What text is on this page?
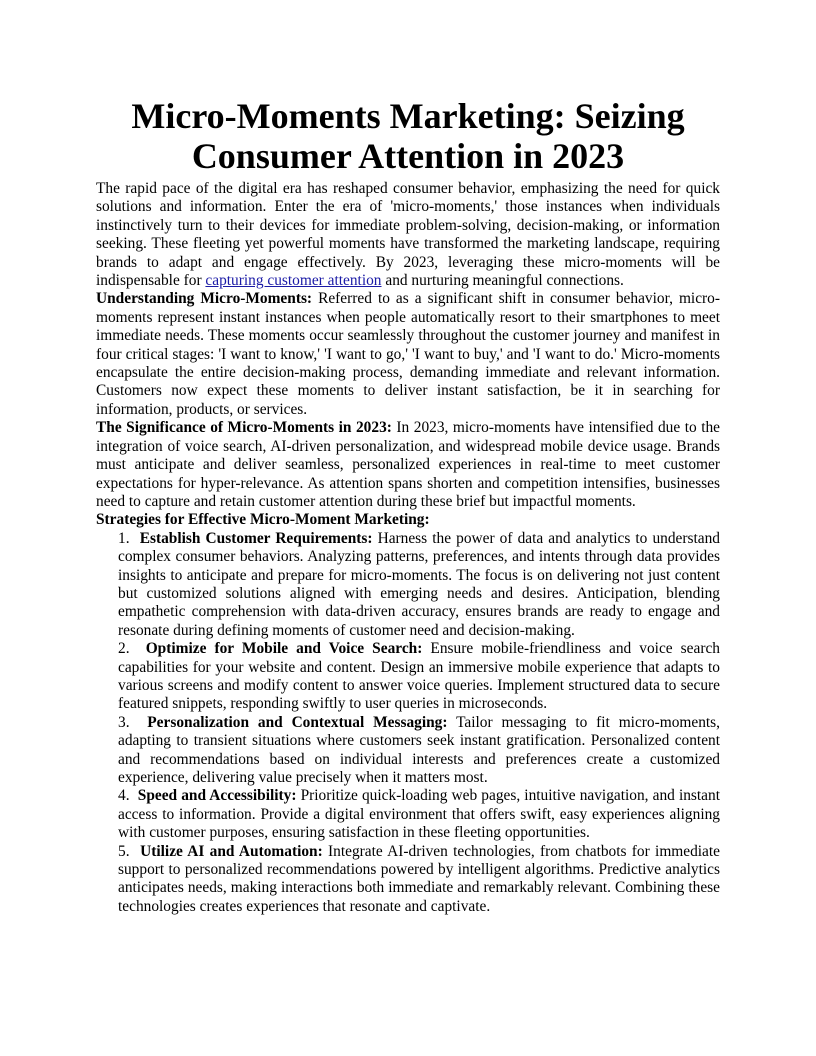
Micro-Moments Marketing: Seizing
Consumer Attention in 2023

The rapid pace of the digital era has reshaped consumer behavior, emphasizing the need for quick solutions and information. Enter the era of 'micro-moments,' those instances when individuals instinctively turn to their devices for immediate problem-solving, decision-making, or information seeking. These fleeting yet powerful moments have transformed the marketing landscape, requiring brands to adapt and engage effectively. By 2023, leveraging these micro-moments will be indispensable for capturing customer attention and nurturing meaningful connections.

Understanding Micro-Moments: Referred to as a significant shift in consumer behavior, micro-moments represent instant instances when people automatically resort to their smartphones to meet immediate needs. These moments occur seamlessly throughout the customer journey and manifest in four critical stages: 'I want to know,' 'I want to go,' 'I want to buy,' and 'I want to do.' Micro-moments encapsulate the entire decision-making process, demanding immediate and relevant information. Customers now expect these moments to deliver instant satisfaction, be it in searching for information, products, or services.

The Significance of Micro-Moments in 2023: In 2023, micro-moments have intensified due to the integration of voice search, AI-driven personalization, and widespread mobile device usage. Brands must anticipate and deliver seamless, personalized experiences in real-time to meet customer expectations for hyper-relevance. As attention spans shorten and competition intensifies, businesses need to capture and retain customer attention during these brief but impactful moments.

Strategies for Effective Micro-Moment Marketing:

1. Establish Customer Requirements: Harness the power of data and analytics to understand complex consumer behaviors. Analyzing patterns, preferences, and intents through data provides insights to anticipate and prepare for micro-moments. The focus is on delivering not just content but customized solutions aligned with emerging needs and desires. Anticipation, blending empathetic comprehension with data-driven accuracy, ensures brands are ready to engage and resonate during defining moments of customer need and decision-making.
2. Optimize for Mobile and Voice Search: Ensure mobile-friendliness and voice search capabilities for your website and content. Design an immersive mobile experience that adapts to various screens and modify content to answer voice queries. Implement structured data to secure featured snippets, responding swiftly to user queries in microseconds.
3. Personalization and Contextual Messaging: Tailor messaging to fit micro-moments, adapting to transient situations where customers seek instant gratification. Personalized content and recommendations based on individual interests and preferences create a customized experience, delivering value precisely when it matters most.
4. Speed and Accessibility: Prioritize quick-loading web pages, intuitive navigation, and instant access to information. Provide a digital environment that offers swift, easy experiences aligning with customer purposes, ensuring satisfaction in these fleeting opportunities.
5. Utilize AI and Automation: Integrate AI-driven technologies, from chatbots for immediate support to personalized recommendations powered by intelligent algorithms. Predictive analytics anticipates needs, making interactions both immediate and remarkably relevant. Combining these technologies creates experiences that resonate and captivate.
